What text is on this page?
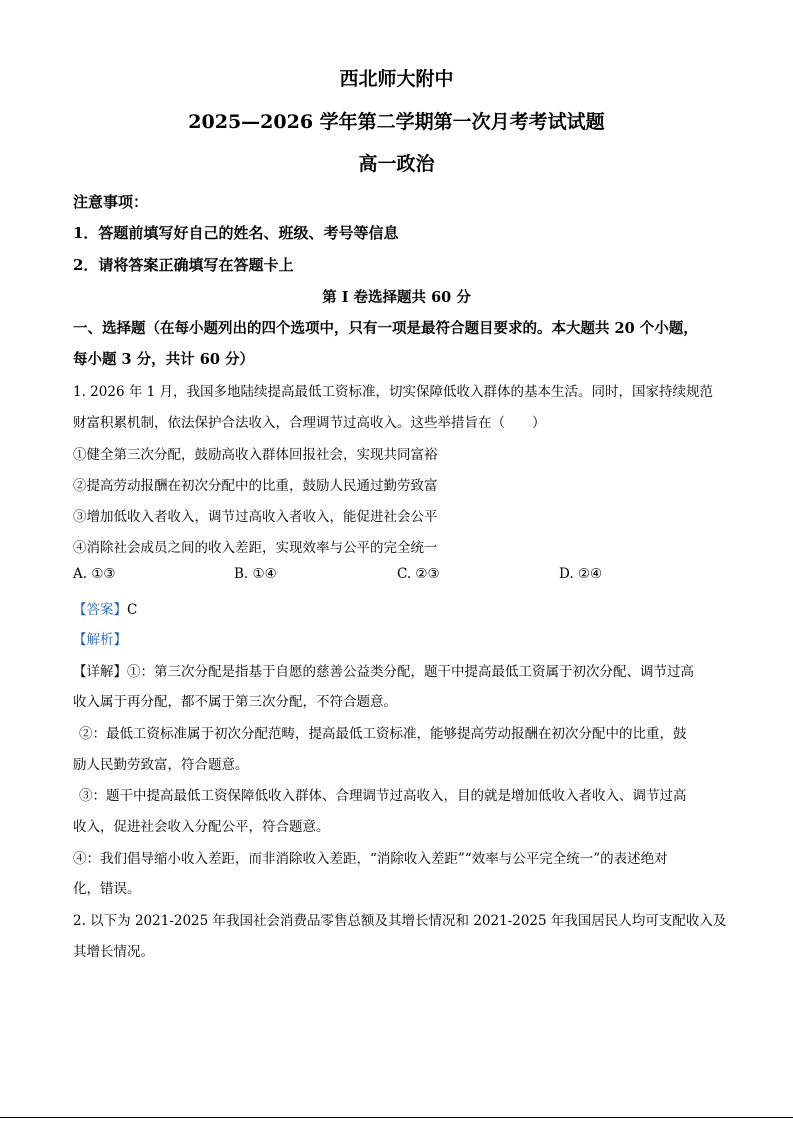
西北师大附中
2025—2026 学年第二学期第一次月考考试试题
高一政治
注意事项：
1．答题前填写好自己的姓名、班级、考号等信息
2．请将答案正确填写在答题卡上
第 I 卷选择题共 60 分
一、选择题（在每小题列出的四个选项中，只有一项是最符合题目要求的。本大题共 20 个小题，
每小题 3 分，共计 60 分）
1. 2026 年 1 月，我国多地陆续提高最低工资标准，切实保障低收入群体的基本生活。同时，国家持续规范
财富积累机制，依法保护合法收入，合理调节过高收入。这些举措旨在（　　）
①健全第三次分配，鼓励高收入群体回报社会，实现共同富裕
②提高劳动报酬在初次分配中的比重，鼓励人民通过勤劳致富
③增加低收入者收入，调节过高收入者收入，能促进社会公平
④消除社会成员之间的收入差距，实现效率与公平的完全统一
A. ①③	B. ①④	C. ②③	D. ②④
【答案】C
【解析】
【详解】①：第三次分配是指基于自愿的慈善公益类分配，题干中提高最低工资属于初次分配、调节过高
收入属于再分配，都不属于第三次分配，不符合题意。
②：最低工资标准属于初次分配范畴，提高最低工资标准，能够提高劳动报酬在初次分配中的比重，鼓
励人民勤劳致富，符合题意。
③：题干中提高最低工资保障低收入群体、合理调节过高收入，目的就是增加低收入者收入、调节过高
收入，促进社会收入分配公平，符合题意。
④：我们倡导缩小收入差距，而非消除收入差距，“消除收入差距”“效率与公平完全统一”的表述绝对
化，错误。
2. 以下为 2021-2025 年我国社会消费品零售总额及其增长情况和 2021-2025 年我国居民人均可支配收入及
其增长情况。
